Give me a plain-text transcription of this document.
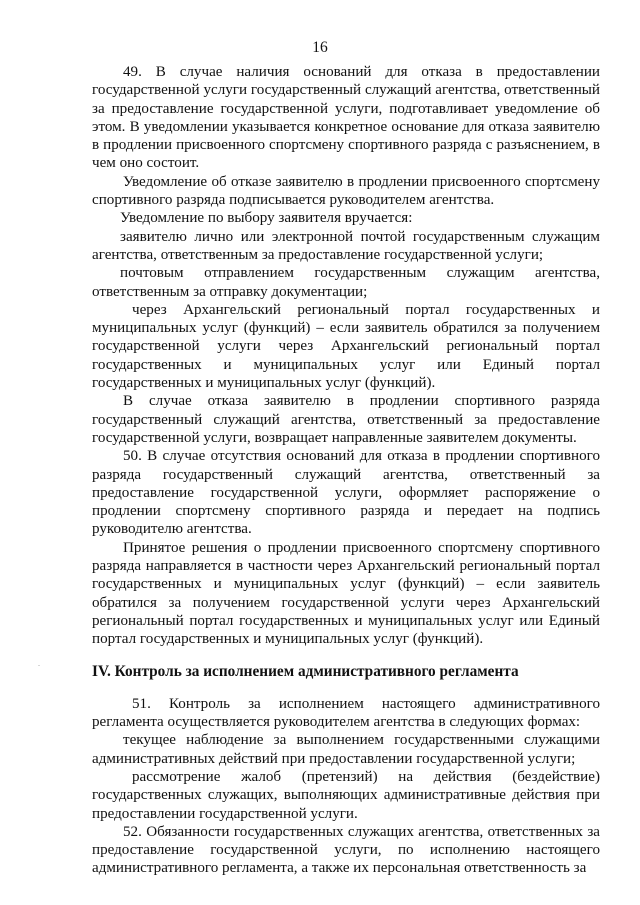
16
.

49. В случае наличия оснований для отказа в предоставлении государственной услуги государственный служащий агентства, ответственный за предоставление государственной услуги, подготавливает уведомление об этом. В уведомлении указывается конкретное основание для отказа заявителю в продлении присвоенного спортсмену спортивного разряда с разъяснением, в чем оно состоит.

Уведомление об отказе заявителю в продлении присвоенного спортсмену спортивного разряда подписывается руководителем агентства.

Уведомление по выбору заявителя вручается:

заявителю лично или электронной почтой государственным служащим агентства, ответственным за предоставление государственной услуги;

почтовым отправлением государственным служащим агентства, ответственным за отправку документации;

через Архангельский региональный портал государственных и муниципальных услуг (функций) – если заявитель обратился за получением государственной услуги через Архангельский региональный портал государственных и муниципальных услуг или Единый портал государственных и муниципальных услуг (функций).

В случае отказа заявителю в продлении спортивного разряда государственный служащий агентства, ответственный за предоставление государственной услуги, возвращает направленные заявителем документы.

50. В случае отсутствия оснований для отказа в продлении спортивного разряда государственный служащий агентства, ответственный за предоставление государственной услуги, оформляет распоряжение о продлении спортсмену спортивного разряда и передает на подпись руководителю агентства.

Принятое решения о продлении присвоенного спортсмену спортивного разряда направляется в частности через Архангельский региональный портал государственных и муниципальных услуг (функций) – если заявитель обратился за получением государственной услуги через Архангельский региональный портал государственных и муниципальных услуг или Единый портал государственных и муниципальных услуг (функций).

IV. Контроль за исполнением административного регламента

51. Контроль за исполнением настоящего административного регламента осуществляется руководителем агентства в следующих формах:

текущее наблюдение за выполнением государственными служащими административных действий при предоставлении государственной услуги;

рассмотрение жалоб (претензий) на действия (бездействие) государственных служащих, выполняющих административные действия при предоставлении государственной услуги.

52. Обязанности государственных служащих агентства, ответственных за предоставление государственной услуги, по исполнению настоящего административного регламента, а также их персональная ответственность за
